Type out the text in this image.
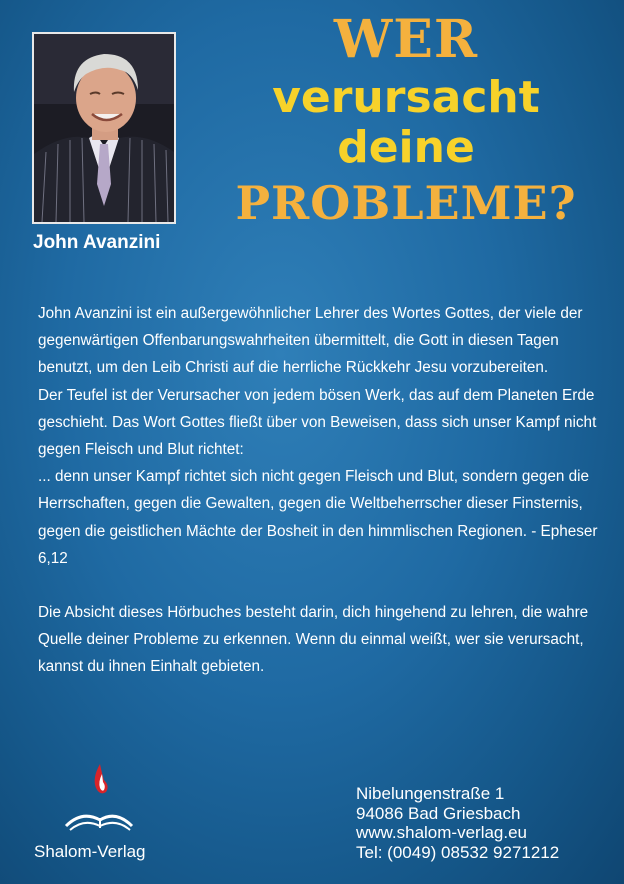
John Avanzini
WER
verursacht
deine
PROBLEME?

John Avanzini ist ein außergewöhnlicher Lehrer des Wortes Gottes, der viele der gegenwärtigen Offenbarungswahrheiten übermittelt, die Gott in diesen Tagen benutzt, um den Leib Christi auf die herrliche Rückkehr Jesu vorzubereiten.

Der Teufel ist der Verursacher von jedem bösen Werk, das auf dem Planeten Erde geschieht. Das Wort Gottes fließt über von Beweisen, dass sich unser Kampf nicht gegen Fleisch und Blut richtet:

... denn unser Kampf richtet sich nicht gegen Fleisch und Blut, sondern gegen die Herrschaften, gegen die Gewalten, gegen die Weltbeherrscher dieser Finsternis, gegen die geistlichen Mächte der Bosheit in den himmlischen Regionen. - Epheser 6,12

Die Absicht dieses Hörbuches besteht darin, dich hingehend zu lehren, die wahre Quelle deiner Probleme zu erkennen. Wenn du einmal weißt, wer sie verursacht, kannst du ihnen Einhalt gebieten.

Shalom-Verlag
Nibelungenstraße 1
94086 Bad Griesbach
www.shalom-verlag.eu
Tel: (0049) 08532 9271212
